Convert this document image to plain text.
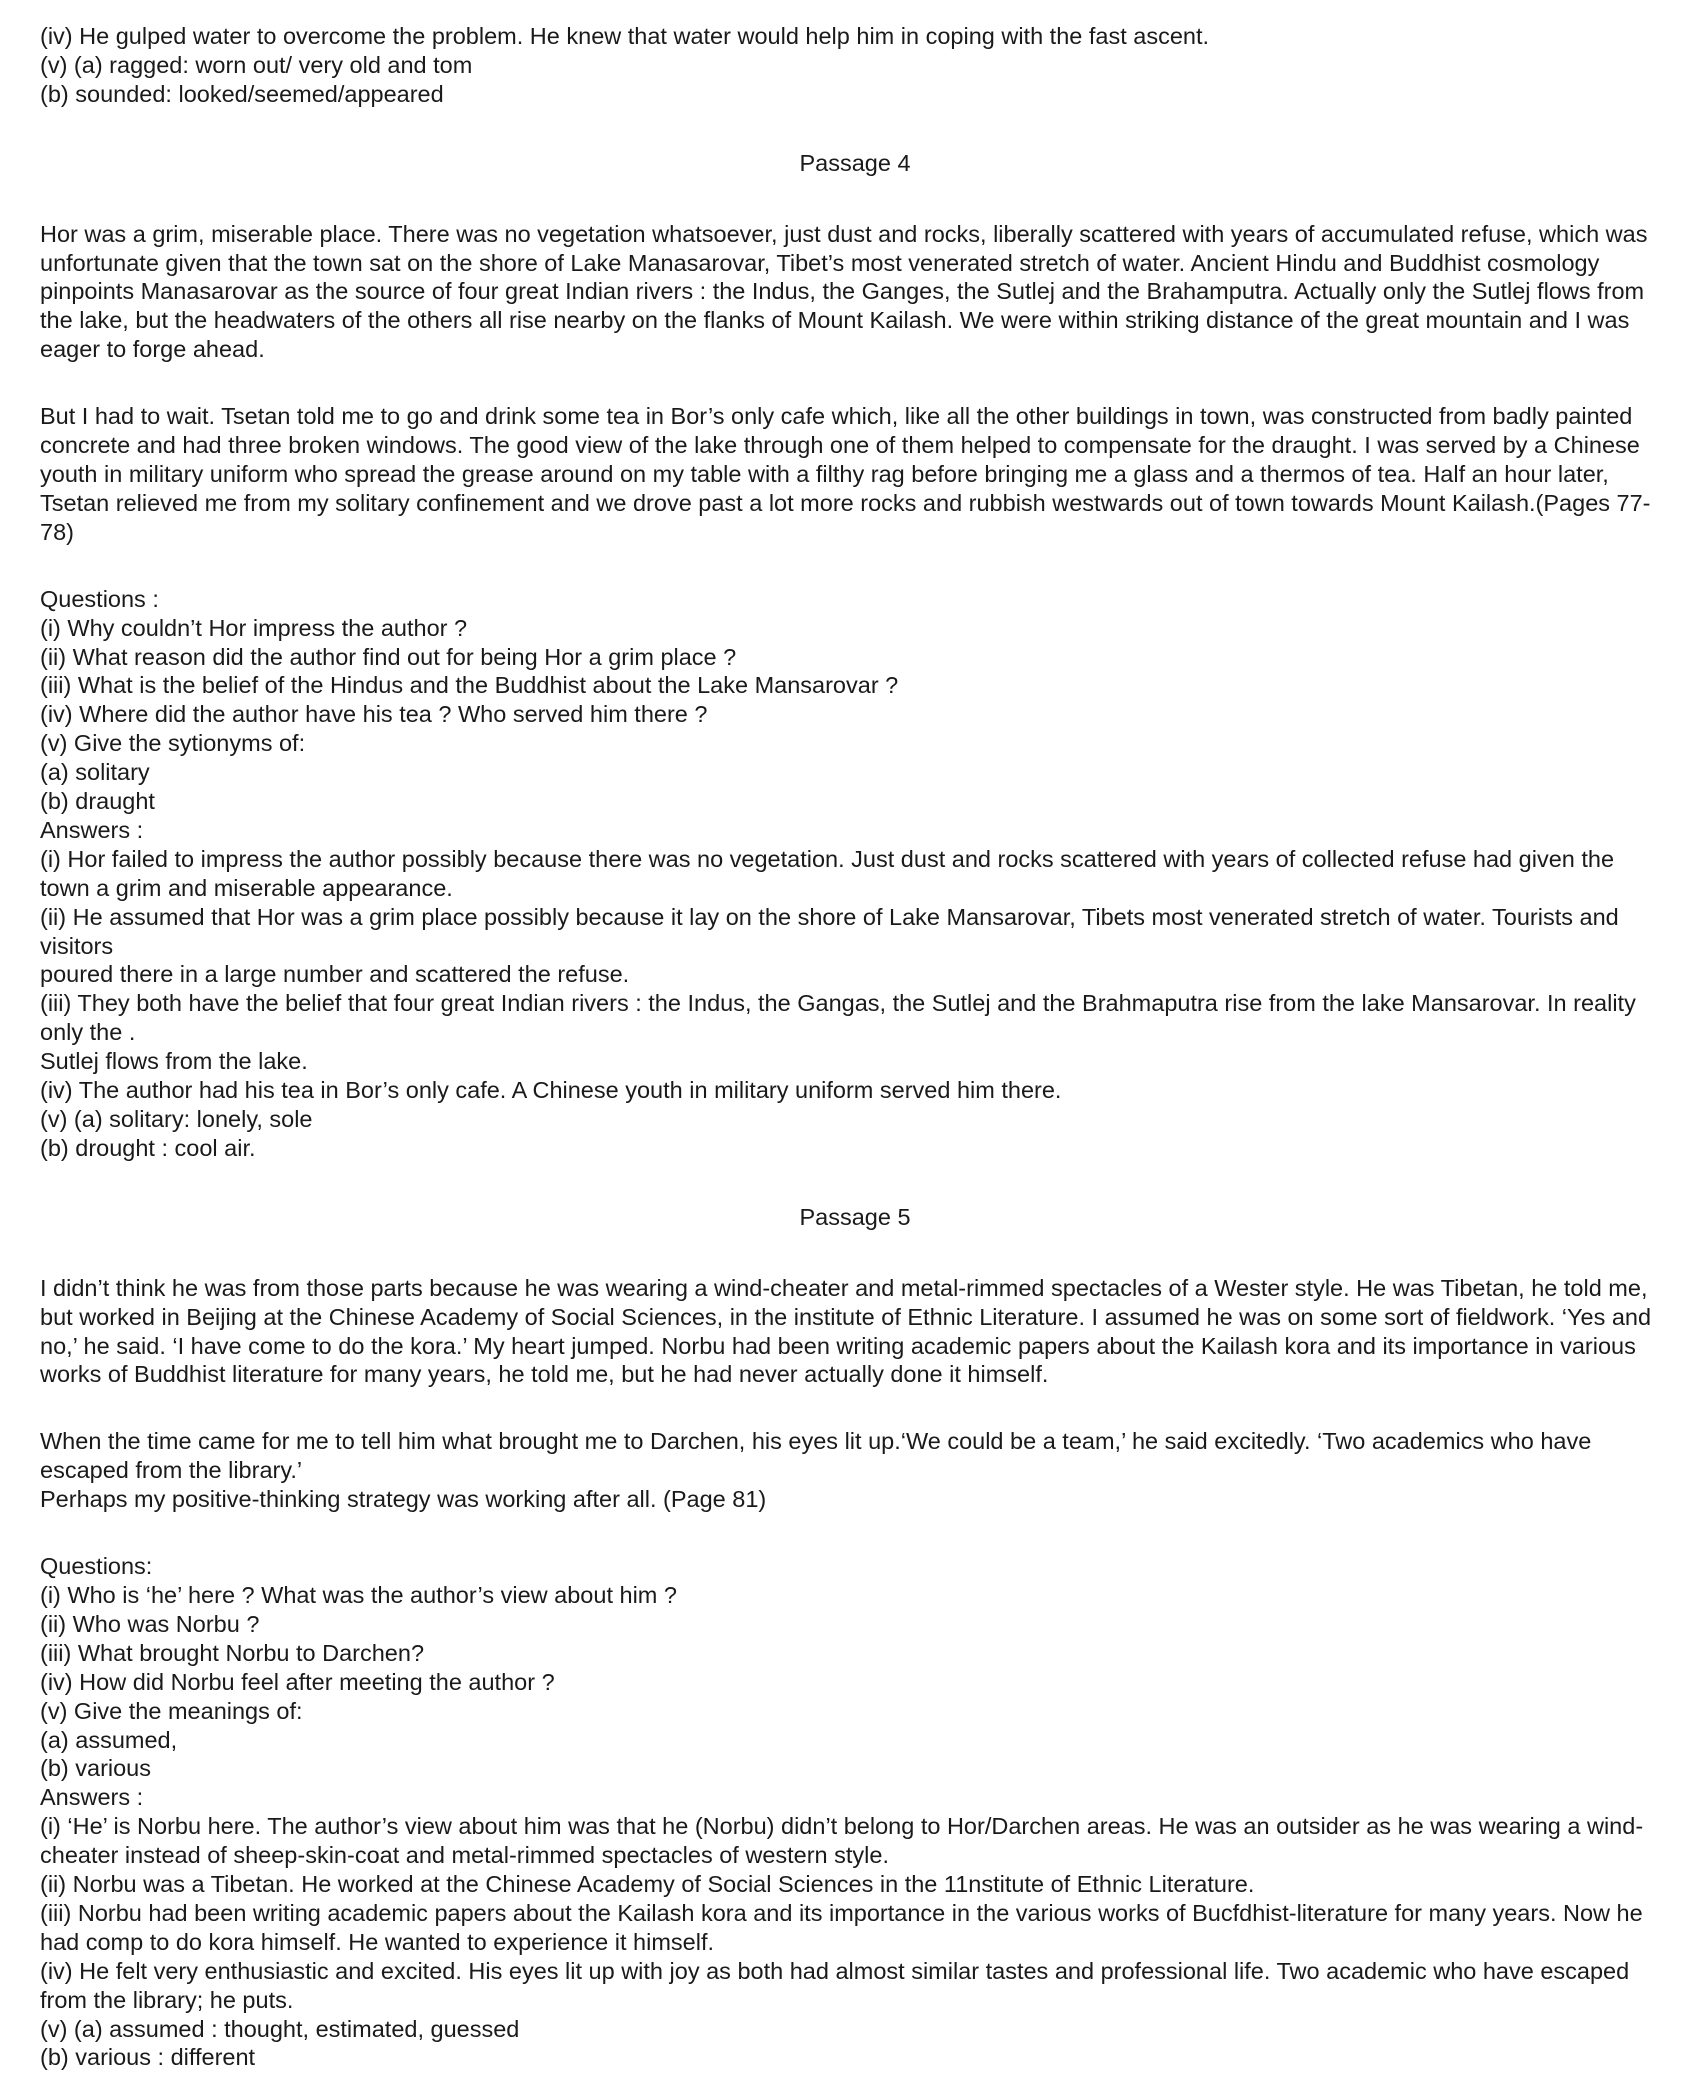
(iv) He gulped water to overcome the problem. He knew that water would help him in coping with the fast ascent.
(v) (a) ragged: worn out/ very old and tom
(b) sounded: looked/seemed/appeared
Passage 4

Hor was a grim, miserable place. There was no vegetation whatsoever, just dust and rocks, liberally scattered with years of accumulated refuse, which was unfortunate given that the town sat on the shore of Lake Manasarovar, Tibet’s most venerated stretch of water. Ancient Hindu and Buddhist cosmology pinpoints Manasarovar as the source of four great Indian rivers : the Indus, the Ganges, the Sutlej and the Brahamputra. Actually only the Sutlej flows from the lake, but the headwaters of the others all rise nearby on the flanks of Mount Kailash. We were within striking distance of the great mountain and I was eager to forge ahead.

But I had to wait. Tsetan told me to go and drink some tea in Bor’s only cafe which, like all the other buildings in town, was constructed from badly painted concrete and had three broken windows. The good view of the lake through one of them helped to compensate for the draught. I was served by a Chinese youth in military uniform who spread the grease around on my table with a filthy rag before bringing me a glass and a thermos of tea. Half an hour later, Tsetan relieved me from my solitary confinement and we drove past a lot more rocks and rubbish westwards out of town towards Mount Kailash.(Pages 77-78)

Questions :
(i) Why couldn’t Hor impress the author ?
(ii) What reason did the author find out for being Hor a grim place ?
(iii) What is the belief of the Hindus and the Buddhist about the Lake Mansarovar ?
(iv) Where did the author have his tea ? Who served him there ?
(v) Give the sytionyms of:
(a) solitary
(b) draught
Answers :
(i) Hor failed to impress the author possibly because there was no vegetation. Just dust and rocks scattered with years of collected refuse had given the town a grim and miserable appearance.
(ii) He assumed that Hor was a grim place possibly because it lay on the shore of Lake Mansarovar, Tibets most venerated stretch of water. Tourists and visitors
poured there in a large number and scattered the refuse.
(iii) They both have the belief that four great Indian rivers : the Indus, the Gangas, the Sutlej and the Brahmaputra rise from the lake Mansarovar. In reality only the .
Sutlej flows from the lake.
(iv) The author had his tea in Bor’s only cafe. A Chinese youth in military uniform served him there.
(v) (a) solitary: lonely, sole
(b) drought : cool air.
Passage 5

I didn’t think he was from those parts because he was wearing a wind-cheater and metal-rimmed spectacles of a Wester style. He was Tibetan, he told me, but worked in Beijing at the Chinese Academy of Social Sciences, in the institute of Ethnic Literature. I assumed he was on some sort of fieldwork. ‘Yes and no,’ he said. ‘I have come to do the kora.’ My heart jumped. Norbu had been writing academic papers about the Kailash kora and its importance in various works of Buddhist literature for many years, he told me, but he had never actually done it himself.

When the time came for me to tell him what brought me to Darchen, his eyes lit up.‘We could be a team,’ he said excitedly. ‘Two academics who have escaped from the library.’

Perhaps my positive-thinking strategy was working after all. (Page 81)
Questions:
(i) Who is ‘he’ here ? What was the author’s view about him ?
(ii) Who was Norbu ?
(iii) What brought Norbu to Darchen?
(iv) How did Norbu feel after meeting the author ?
(v) Give the meanings of:
(a) assumed,
(b) various
Answers :
(i) ‘He’ is Norbu here. The author’s view about him was that he (Norbu) didn’t belong to Hor/Darchen areas. He was an outsider as he was wearing a wind-cheater instead of sheep-skin-coat and metal-rimmed spectacles of western style.
(ii) Norbu was a Tibetan. He worked at the Chinese Academy of Social Sciences in the 11nstitute of Ethnic Literature.
(iii) Norbu had been writing academic papers about the Kailash kora and its importance in the various works of Bucfdhist-literature for many years. Now he had comp to do kora himself. He wanted to experience it himself.
(iv) He felt very enthusiastic and excited. His eyes lit up with joy as both had almost similar tastes and professional life. Two academic who have escaped from the library; he puts.
(v) (a) assumed : thought, estimated, guessed
(b) various : different
